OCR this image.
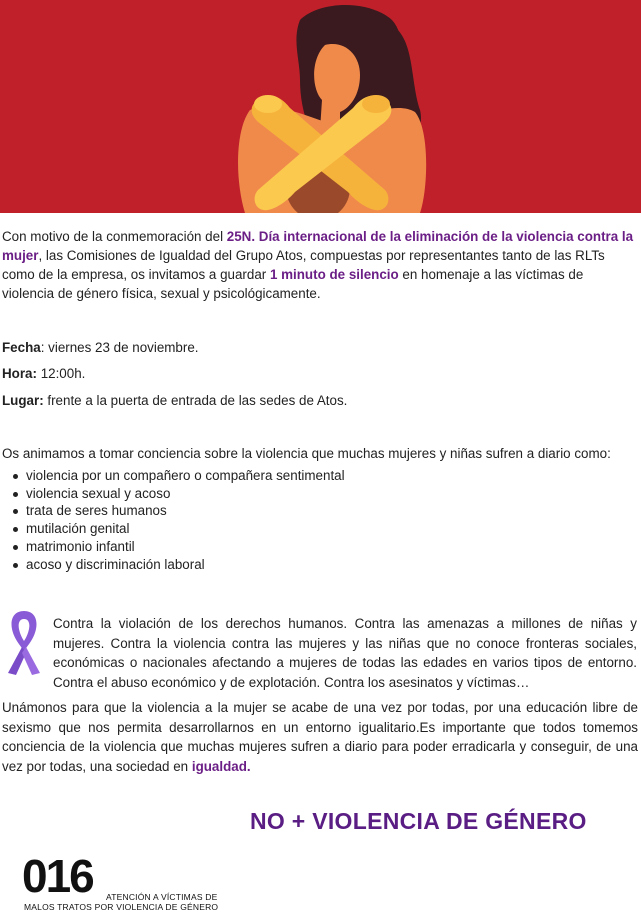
Con motivo de la conmemoración del 25N. Día internacional de la eliminación de la violencia contra la mujer, las Comisiones de Igualdad del Grupo Atos, compuestas por representantes tanto de las RLTs como de la empresa, os invitamos a guardar 1 minuto de silencio en homenaje a las víctimas de violencia de género física, sexual y psicológicamente.
Fecha: viernes 23 de noviembre.
Hora: 12:00h.
Lugar: frente a la puerta de entrada de las sedes de Atos.
Os animamos a tomar conciencia sobre la violencia que muchas mujeres y niñas sufren a diario como:
violencia por un compañero o compañera sentimental
violencia sexual y acoso
trata de seres humanos
mutilación genital
matrimonio infantil
acoso y discriminación laboral
Contra la violación de los derechos humanos. Contra las amenazas a millones de niñas y mujeres. Contra la violencia contra las mujeres y las niñas que no conoce fronteras sociales, económicas o nacionales afectando a mujeres de todas las edades en varios tipos de entorno. Contra el abuso económico y de explotación. Contra los asesinatos y víctimas…
Unámonos para que la violencia a la mujer se acabe de una vez por todas, por una educación libre de sexismo que nos permita desarrollarnos en un entorno igualitario.Es importante que todos tomemos conciencia de la violencia que muchas mujeres sufren a diario para poder erradicarla y conseguir, de una vez por todas, una sociedad en igualdad.
NO + VIOLENCIA DE GÉNERO
016 ATENCIÓN A VÍCTIMAS DE
MALOS TRATOS POR VIOLENCIA DE GÉNERO
